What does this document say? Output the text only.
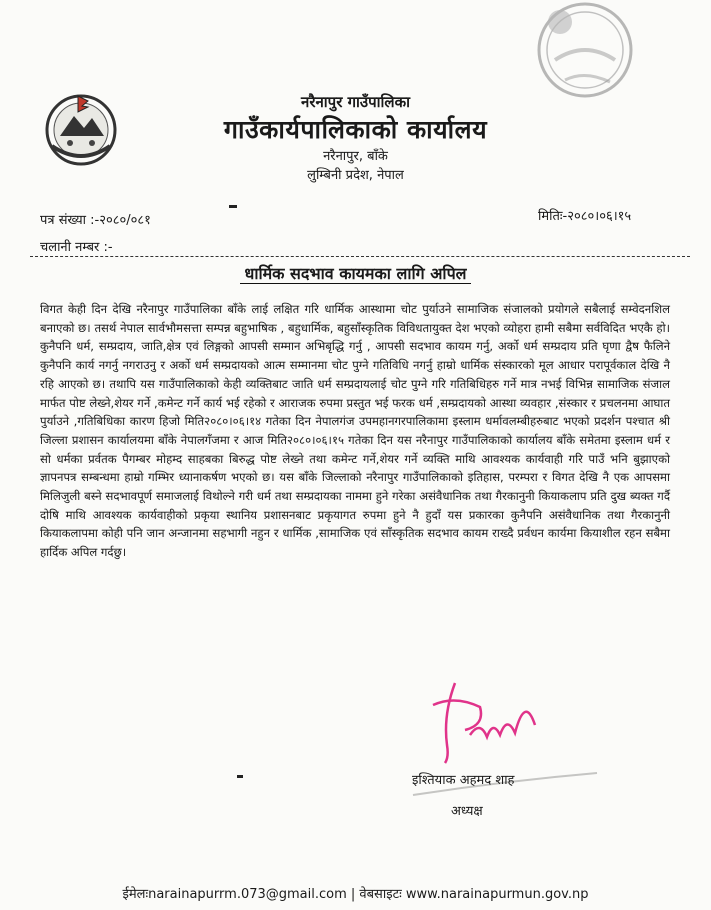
नरैनापुर गाउँपालिका
गाउँकार्यपालिकाको कार्यालय
नरैनापुर, बाँके
लुम्बिनी प्रदेश, नेपाल
पत्र संख्या :-२०८०/०८१	मितिः-२०८०।०६।१५
चलानी नम्बर :-
धार्मिक सदभाव कायमका लागि अपिल
विगत केही दिन देखि नरैनापुर गाउँपालिका बाँके लाई लक्षित गरि धार्मिक आस्थामा चोट पुर्याउने सामाजिक संजालको प्रयोगले सबैलाई सम्वेदनशिल बनाएको छ। तसर्थ नेपाल सार्वभौमसत्ता सम्पन्न बहुभाषिक , बहुधार्मिक, बहुसाँस्कृतिक विविधतायुक्त देश भएको व्योहरा हामी सबैमा सर्वविदित भएकै हो। कुनैपनि धर्म, सम्प्रदाय, जाति,क्षेत्र एवं लिङ्गको आपसी सम्मान अभिबृद्धि गर्नु , आपसी सदभाव कायम गर्नु, अर्को धर्म सम्प्रदाय प्रति घृणा द्वैष फैलिने कुनैपनि कार्य नगर्नु नगराउनु र अर्को धर्म सम्प्रदायको आत्म सम्मानमा चोट पुग्ने गतिविधि नगर्नु हाम्रो धार्मिक संस्कारको मूल आधार परापूर्वकाल देखि नै रहि आएको छ। तथापि यस गाउँपालिकाको केही व्यक्तिबाट जाति धर्म सम्प्रदायलाई चोट पुग्ने गरि गतिबिधिहरु गर्ने मात्र नभई विभिन्न सामाजिक संजाल मार्फत पोष्ट लेख्ने,शेयर गर्ने ,कमेन्ट गर्ने कार्य भई रहेको र आराजक रुपमा प्रस्तुत भई फरक धर्म ,सम्प्रदायको आस्था व्यवहार ,संस्कार र प्रचलनमा आघात पुर्याउने ,गतिबिधिका कारण हिजो मिति२०८०।०६।१४ गतेका दिन नेपालगंज उपमहानगरपालिकामा इस्लाम धर्मावलम्बीहरुबाट भएको प्रदर्शन पश्चात श्री जिल्ला प्रशासन कार्यालयमा बाँके नेपालगँजमा र आज मिति२०८०।०६।१५ गतेका दिन यस नरैनापुर गाउँपालिकाको कार्यालय बाँके समेतमा इस्लाम धर्म र सो धर्मका प्रर्वतक पैगम्बर मोहम्द साहबका बिरुद्ध पोष्ट लेख्ने तथा कमेन्ट गर्ने,शेयर गर्ने व्यक्ति माथि आवश्यक कार्यवाही गरि पाउँ भनि बुझाएको ज्ञापनपत्र सम्बन्धमा हाम्रो गम्भिर ध्यानाकर्षण भएको छ। यस बाँके जिल्लाको नरैनापुर गाउँपालिकाको इतिहास, परम्परा र विगत देखि नै एक आपसमा मिलिजुली बस्ने सदभावपूर्ण समाजलाई विथोल्ने गरी धर्म तथा सम्प्रदायका नाममा हुने गरेका असंवैधानिक तथा गैरकानुनी कियाकलाप प्रति दुख ब्यक्त गर्दै दोषि माथि आवश्यक कार्यवाहीको प्रकृया स्थानिय प्रशासनबाट प्रकृयागत रुपमा हुने नै हुदाँ यस प्रकारका कुनैपनि असंवैधानिक तथा गैरकानुनी कियाकलापमा कोही पनि जान अन्जानमा सहभागी नहुन र धार्मिक ,सामाजिक एवं साँस्कृतिक सदभाव कायम राख्दै प्रर्वधन कार्यमा कियाशील रहन सबैमा हार्दिक अपिल गर्दछु।
इश्तियाक अहमद शाह
अध्यक्ष
ईमेलःnarainapurrm.073@gmail.com | वेबसाइटः www.narainapurmun.gov.np
